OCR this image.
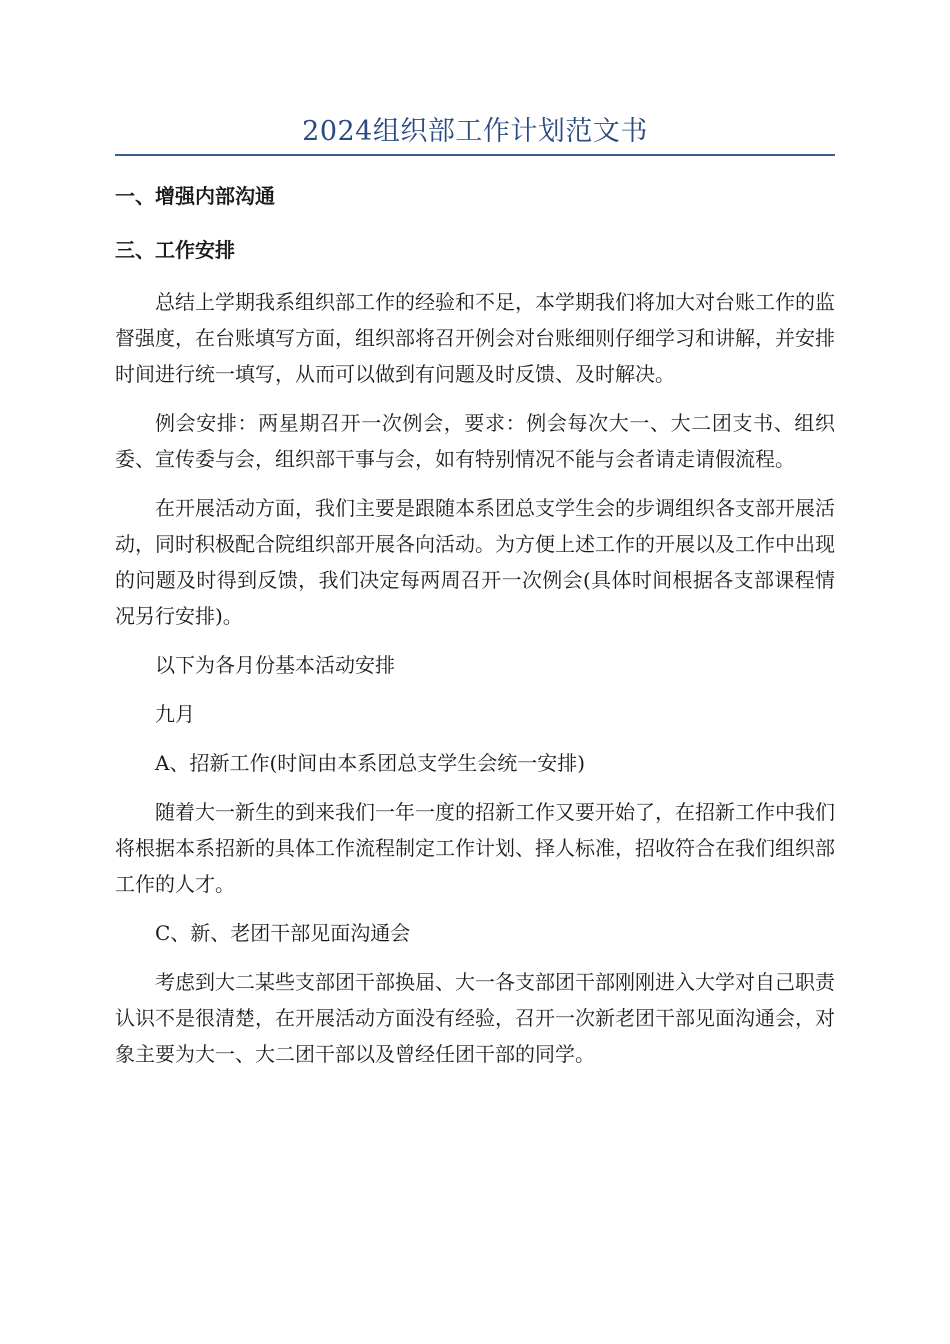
2024组织部工作计划范文书

一、增强内部沟通

三、工作安排

总结上学期我系组织部工作的经验和不足，本学期我们将加大对台账工作的监督强度，在台账填写方面，组织部将召开例会对台账细则仔细学习和讲解，并安排时间进行统一填写，从而可以做到有问题及时反馈、及时解决。

例会安排：两星期召开一次例会，要求：例会每次大一、大二团支书、组织委、宣传委与会，组织部干事与会，如有特别情况不能与会者请走请假流程。

在开展活动方面，我们主要是跟随本系团总支学生会的步调组织各支部开展活动，同时积极配合院组织部开展各向活动。为方便上述工作的开展以及工作中出现的问题及时得到反馈，我们决定每两周召开一次例会(具体时间根据各支部课程情况另行安排)。

以下为各月份基本活动安排

九月

A、招新工作(时间由本系团总支学生会统一安排)

随着大一新生的到来我们一年一度的招新工作又要开始了，在招新工作中我们将根据本系招新的具体工作流程制定工作计划、择人标准，招收符合在我们组织部工作的人才。

C、新、老团干部见面沟通会

考虑到大二某些支部团干部换届、大一各支部团干部刚刚进入大学对自己职责认识不是很清楚，在开展活动方面没有经验，召开一次新老团干部见面沟通会，对象主要为大一、大二团干部以及曾经任团干部的同学。
